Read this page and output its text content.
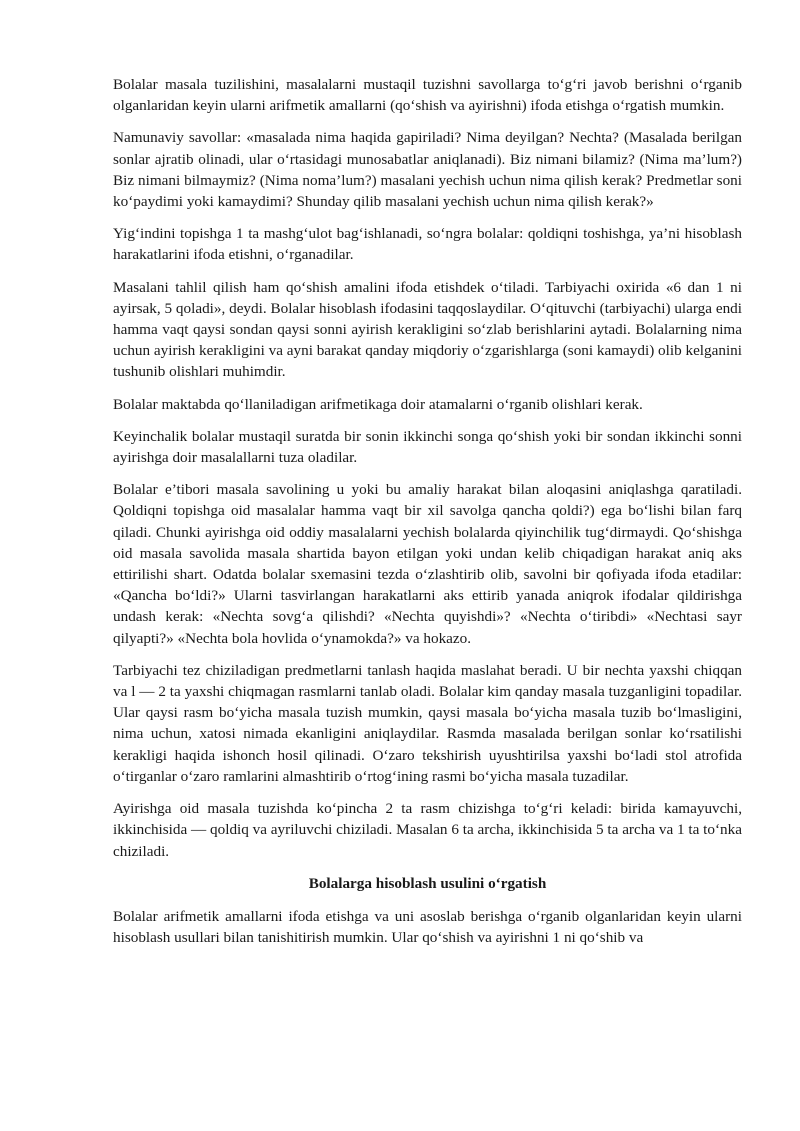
Bolalar masala tuzilishini, masalalarni mustaqil tuzishni savollarga to‘g‘ri javob berishni o‘rganib olganlaridan keyin ularni arifmetik amallarni (qo‘shish va ayirishni) ifoda etishga o‘rgatish mumkin.

Namunaviy savollar: «masalada nima haqida gapiriladi? Nima deyilgan? Nechta? (Masalada berilgan sonlar ajratib olinadi, ular o‘rtasidagi munosabatlar aniqlanadi). Biz nimani bilamiz? (Nima ma’lum?) Biz nimani bilmaymiz? (Nima noma’lum?) masalani yechish uchun nima qilish kerak? Predmetlar soni ko‘paydimi yoki kamaydimi? Shunday qilib masalani yechish uchun nima qilish kerak?»

Yig‘indini topishga 1 ta mashg‘ulot bag‘ishlanadi, so‘ngra bolalar: qoldiqni toshishga, ya’ni hisoblash harakatlarini ifoda etishni, o‘rganadilar.

Masalani tahlil qilish ham qo‘shish amalini ifoda etishdek o‘tiladi. Tarbiyachi oxirida «6 dan 1 ni ayirsak, 5 qoladi», deydi. Bolalar hisoblash ifodasini taqqoslaydilar. O‘qituvchi (tarbiyachi) ularga endi hamma vaqt qaysi sondan qaysi sonni ayirish kerakligini so‘zlab berishlarini aytadi. Bolalarning nima uchun ayirish kerakligini va ayni barakat qanday miqdoriy o‘zgarishlarga (soni kamaydi) olib kelganini tushunib olishlari muhimdir.

Bolalar maktabda qo‘llaniladigan arifmetikaga doir atamalarni o‘rganib olishlari kerak.

Keyinchalik bolalar mustaqil suratda bir sonin ikkinchi songa qo‘shish yoki bir sondan ikkinchi sonni ayirishga doir masalallarni tuza oladilar.

Bolalar e’tibori masala savolining u yoki bu amaliy harakat bilan aloqasini aniqlashga qaratiladi. Qoldiqni topishga oid masalalar hamma vaqt bir xil savolga qancha qoldi?) ega bo‘lishi bilan farq qiladi. Chunki ayirishga oid oddiy masalalarni yechish bolalarda qiyinchilik tug‘dirmaydi. Qo‘shishga oid masala savolida masala shartida bayon etilgan yoki undan kelib chiqadigan harakat aniq aks ettirilishi shart. Odatda bolalar sxemasini tezda o‘zlashtirib olib, savolni bir qofiyada ifoda etadilar: «Qancha bo‘ldi?» Ularni tasvirlangan harakatlarni aks ettirib yanada aniqrok ifodalar qildirishga undash kerak: «Nechta sovg‘a qilishdi? «Nechta quyishdi»? «Nechta o‘tiribdi» «Nechtasi sayr qilyapti?» «Nechta bola hovlida o‘ynamokda?» va hokazo.

Tarbiyachi tez chiziladigan predmetlarni tanlash haqida maslahat beradi. U bir nechta yaxshi chiqqan va l — 2 ta yaxshi chiqmagan rasmlarni tanlab oladi. Bolalar kim qanday masala tuzganligini topadilar. Ular qaysi rasm bo‘yicha masala tuzish mumkin, qaysi masala bo‘yicha masala tuzib bo‘lmasligini, nima uchun, xatosi nimada ekanligini aniqlaydilar. Rasmda masalada berilgan sonlar ko‘rsatilishi kerakligi haqida ishonch hosil qilinadi. O‘zaro tekshirish uyushtirilsa yaxshi bo‘ladi stol atrofida o‘tirganlar o‘zaro ramlarini almashtirib o‘rtog‘ining rasmi bo‘yicha masala tuzadilar.

Ayirishga oid masala tuzishda ko‘pincha 2 ta rasm chizishga to‘g‘ri keladi: birida kamayuvchi, ikkinchisida — qoldiq va ayriluvchi chiziladi. Masalan 6 ta archa, ikkinchisida 5 ta archa va 1 ta to‘nka chiziladi.

Bolalarga hisoblash usulini o‘rgatish

Bolalar arifmetik amallarni ifoda etishga va uni asoslab berishga o‘rganib olganlaridan keyin ularni hisoblash usullari bilan tanishitirish mumkin. Ular qo‘shish va ayirishni 1 ni qo‘shib va
